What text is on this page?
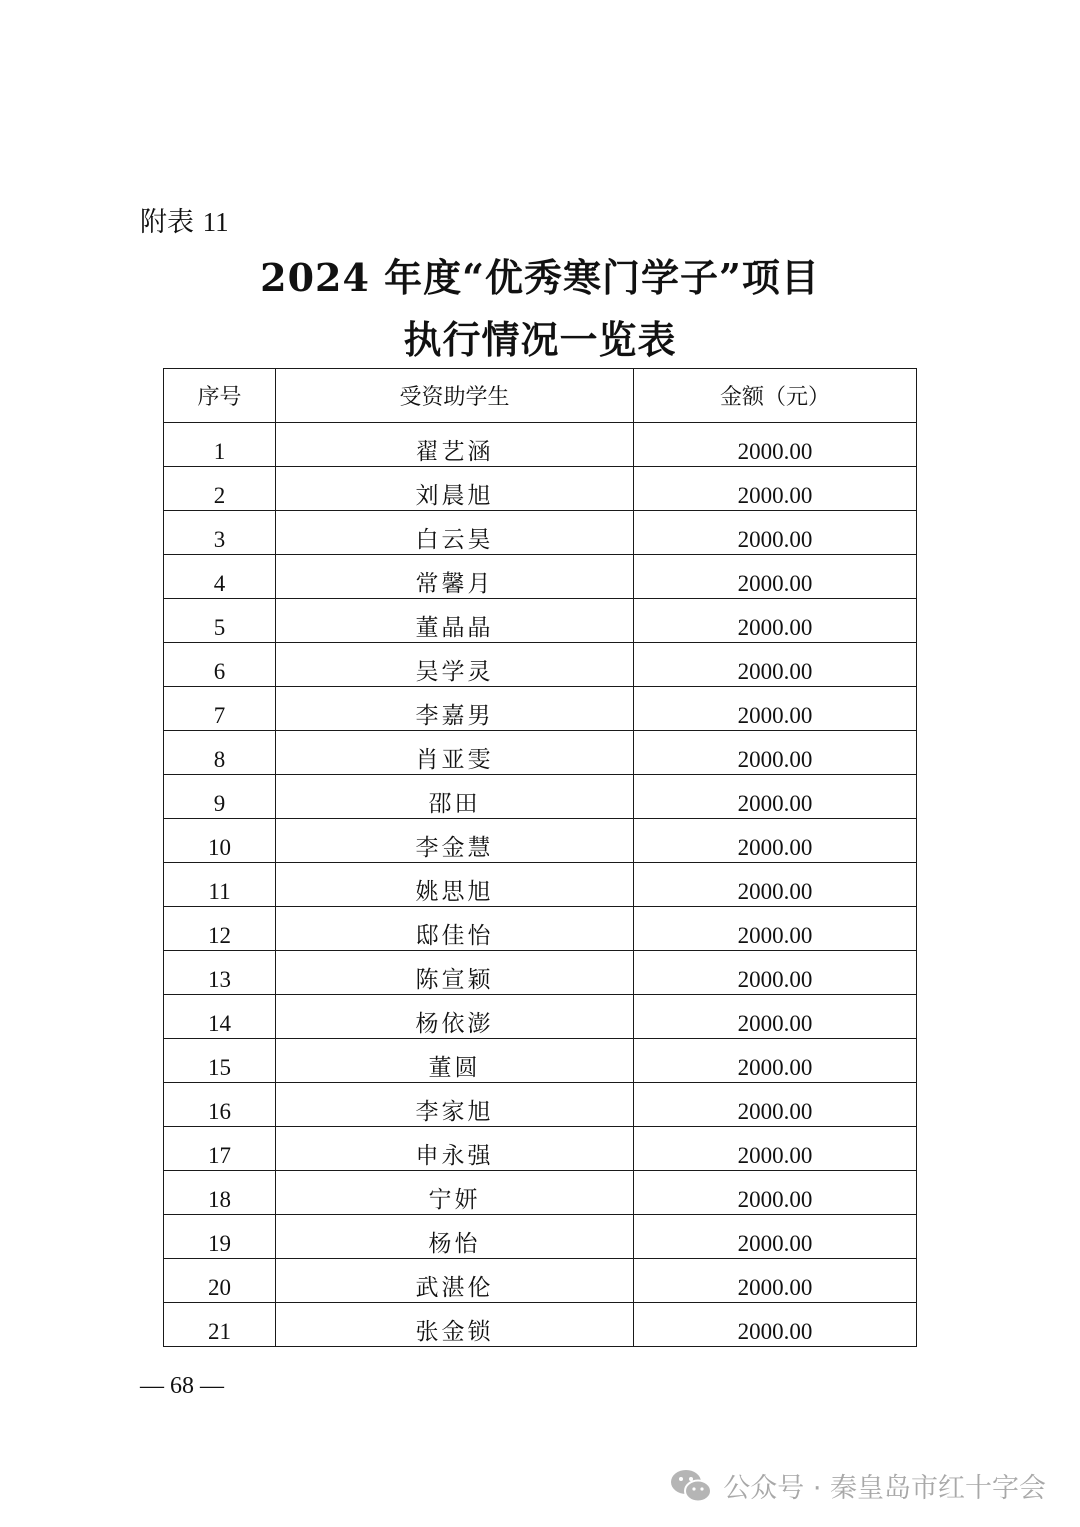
附表 11
2024 年度“优秀寒门学子”项目
执行情况一览表
序号	受资助学生	金额（元）
1	翟艺涵	2000.00
2	刘晨旭	2000.00
3	白云昊	2000.00
4	常馨月	2000.00
5	董晶晶	2000.00
6	吴学灵	2000.00
7	李嘉男	2000.00
8	肖亚雯	2000.00
9	邵田	2000.00
10	李金慧	2000.00
11	姚思旭	2000.00
12	邸佳怡	2000.00
13	陈宣颖	2000.00
14	杨依澎	2000.00
15	董圆	2000.00
16	李家旭	2000.00
17	申永强	2000.00
18	宁妍	2000.00
19	杨怡	2000.00
20	武湛伦	2000.00
21	张金锁	2000.00
— 68 —
公众号 · 秦皇岛市红十字会
